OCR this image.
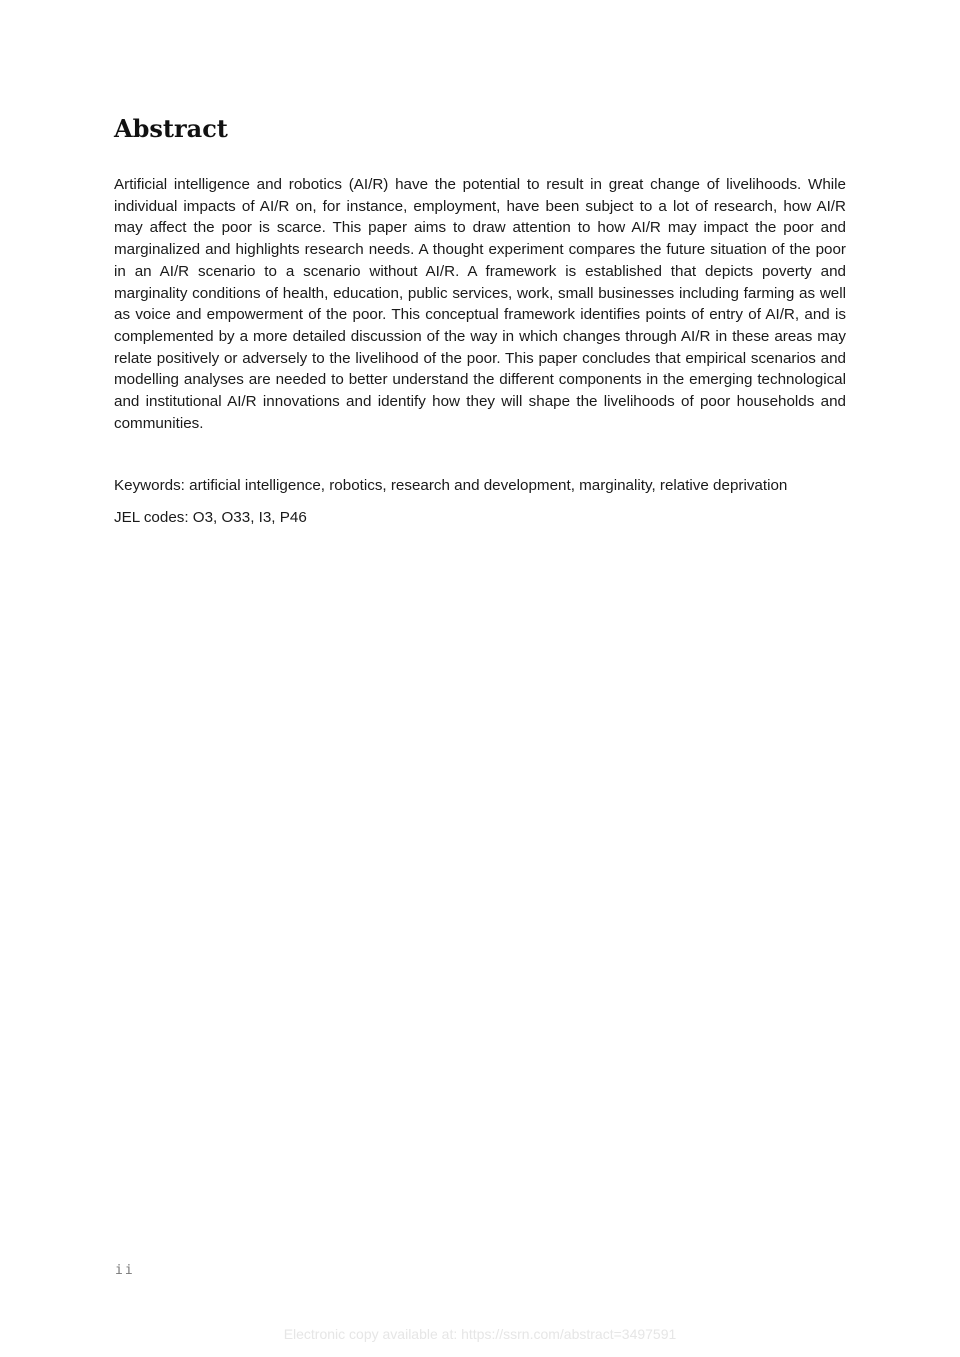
Abstract

Artificial intelligence and robotics (AI/R) have the potential to result in great change of livelihoods. While individual impacts of AI/R on, for instance, employment, have been subject to a lot of research, how AI/R may affect the poor is scarce. This paper aims to draw attention to how AI/R may impact the poor and marginalized and highlights research needs. A thought experiment compares the future situation of the poor in an AI/R scenario to a scenario without AI/R. A framework is established that depicts poverty and marginality conditions of health, education, public services, work, small businesses including farming as well as voice and empowerment of the poor. This conceptual framework identifies points of entry of AI/R, and is complemented by a more detailed discussion of the way in which changes through AI/R in these areas may relate positively or adversely to the livelihood of the poor. This paper concludes that empirical scenarios and modelling analyses are needed to better understand the different components in the emerging technological and institutional AI/R innovations and identify how they will shape the livelihoods of poor households and communities.

Keywords: artificial intelligence, robotics, research and development, marginality, relative deprivation

JEL codes: O3, O33, I3, P46

ii
Electronic copy available at: https://ssrn.com/abstract=3497591
